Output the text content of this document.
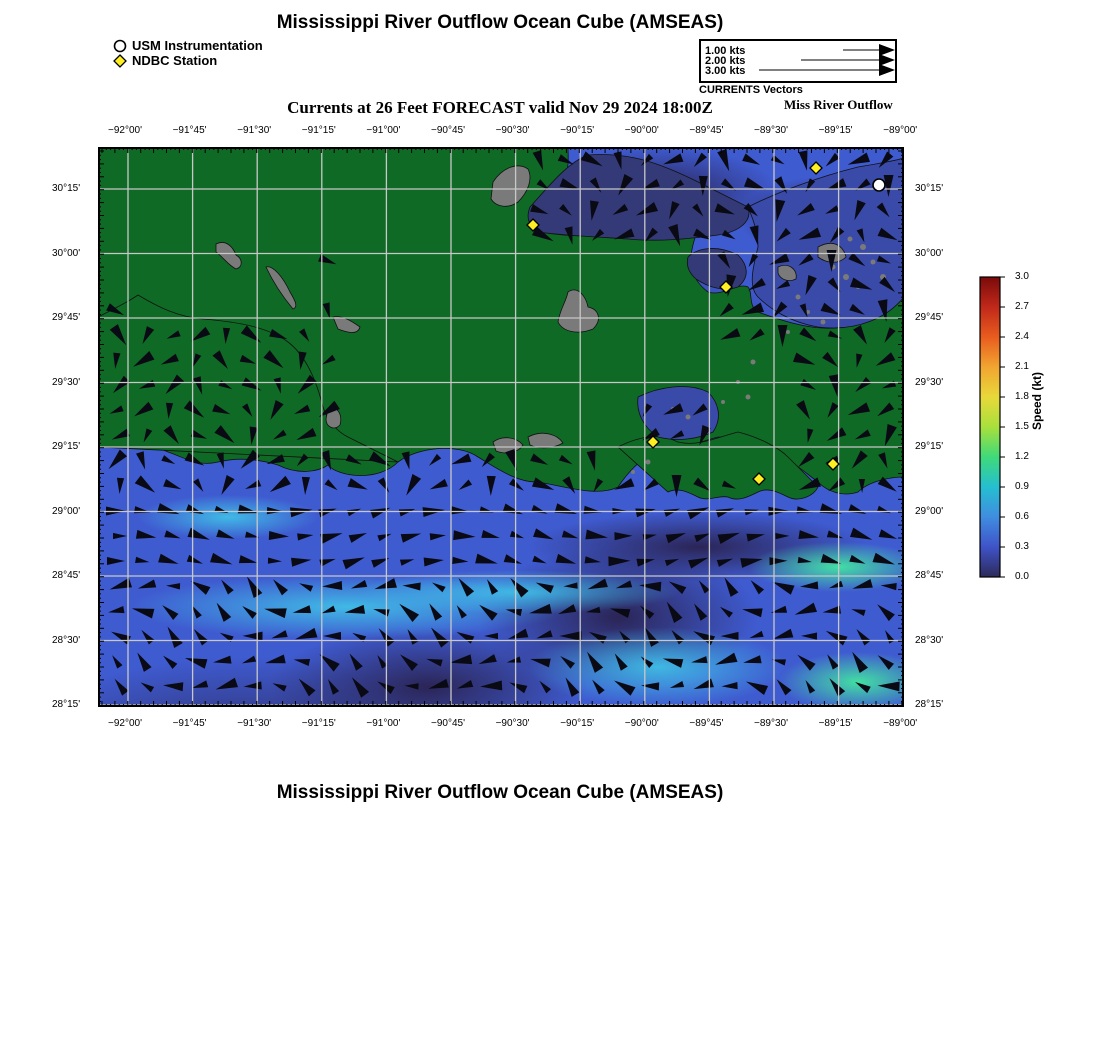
Mississippi River Outflow Ocean Cube (AMSEAS)
USM Instrumentation
NDBC Station
1.00 kts
2.00 kts
3.00 kts
CURRENTS Vectors
Currents at 26 Feet FORECAST valid Nov 29 2024 18:00Z	Miss River Outflow
−92°00'	−91°45'	−91°30'	−91°15'	−91°00'	−90°45'	−90°30'	−90°15'	−90°00'	−89°45'	−89°30'	−89°15'	−89°00'
−92°00'	−91°45'	−91°30'	−91°15'	−91°00'	−90°45'	−90°30'	−90°15'	−90°00'	−89°45'	−89°30'	−89°15'	−89°00'
30°15'
30°00'
29°45'
29°30'
29°15'
29°00'
28°45'
28°30'
28°15'
30°15'
30°00'
29°45'
29°30'
29°15'
29°00'
28°45'
28°30'
28°15'
3.0
2.7
2.4
2.1
1.8
1.5
1.2
0.9
0.6
0.3
0.0
Speed (kt)
Mississippi River Outflow Ocean Cube (AMSEAS)
